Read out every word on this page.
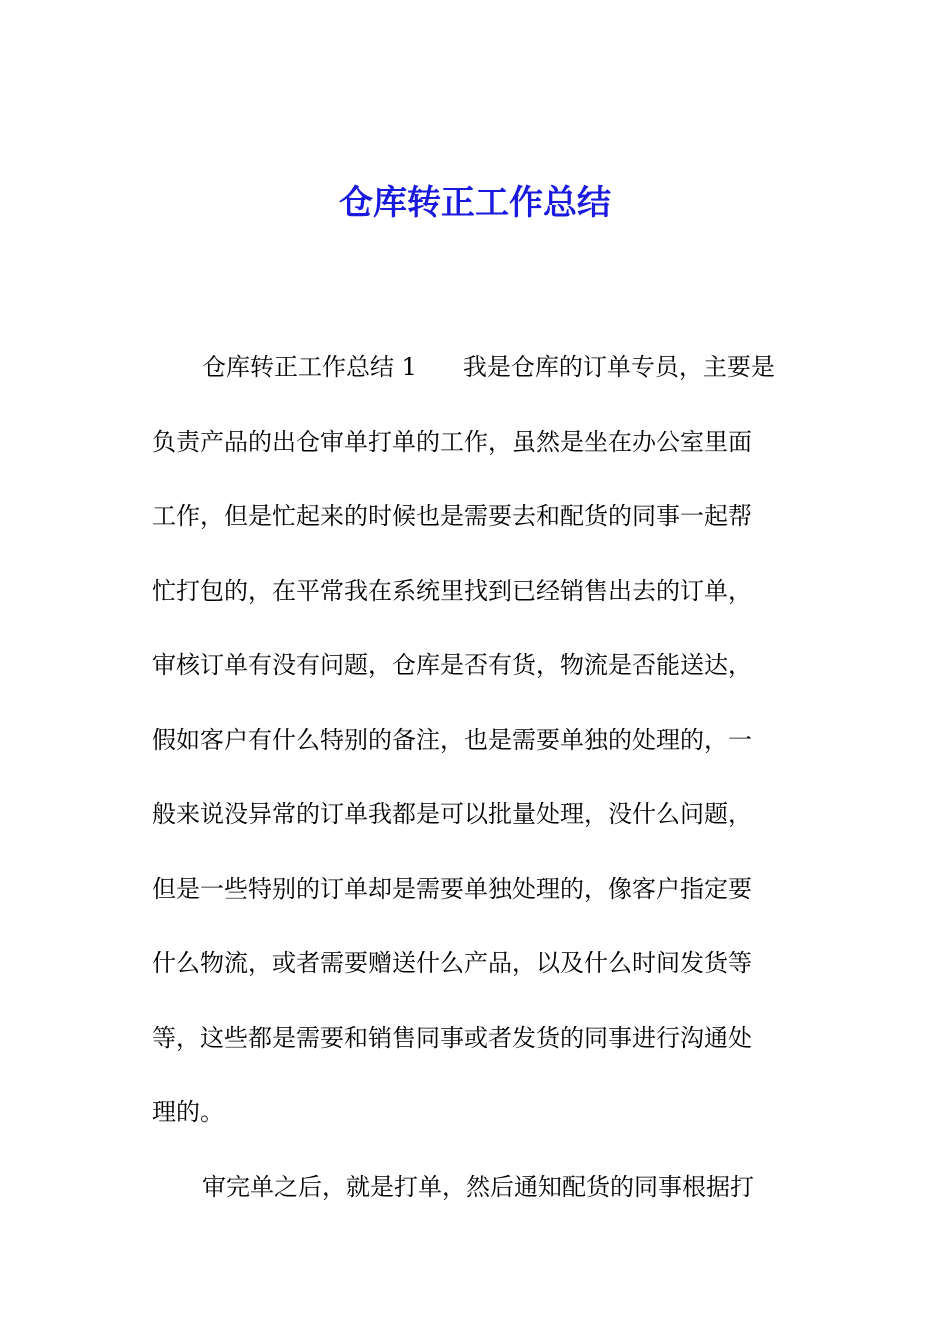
仓库转正工作总结
仓库转正工作总结 1 我是仓库的订单专员，主要是
负责产品的出仓审单打单的工作，虽然是坐在办公室里面
工作，但是忙起来的时候也是需要去和配货的同事一起帮
忙打包的，在平常我在系统里找到已经销售出去的订单，
审核订单有没有问题，仓库是否有货，物流是否能送达，
假如客户有什么特别的备注，也是需要单独的处理的，一
般来说没异常的订单我都是可以批量处理，没什么问题，
但是一些特别的订单却是需要单独处理的，像客户指定要
什么物流，或者需要赠送什么产品，以及什么时间发货等
等，这些都是需要和销售同事或者发货的同事进行沟通处
理的。
审完单之后，就是打单，然后通知配货的同事根据打
